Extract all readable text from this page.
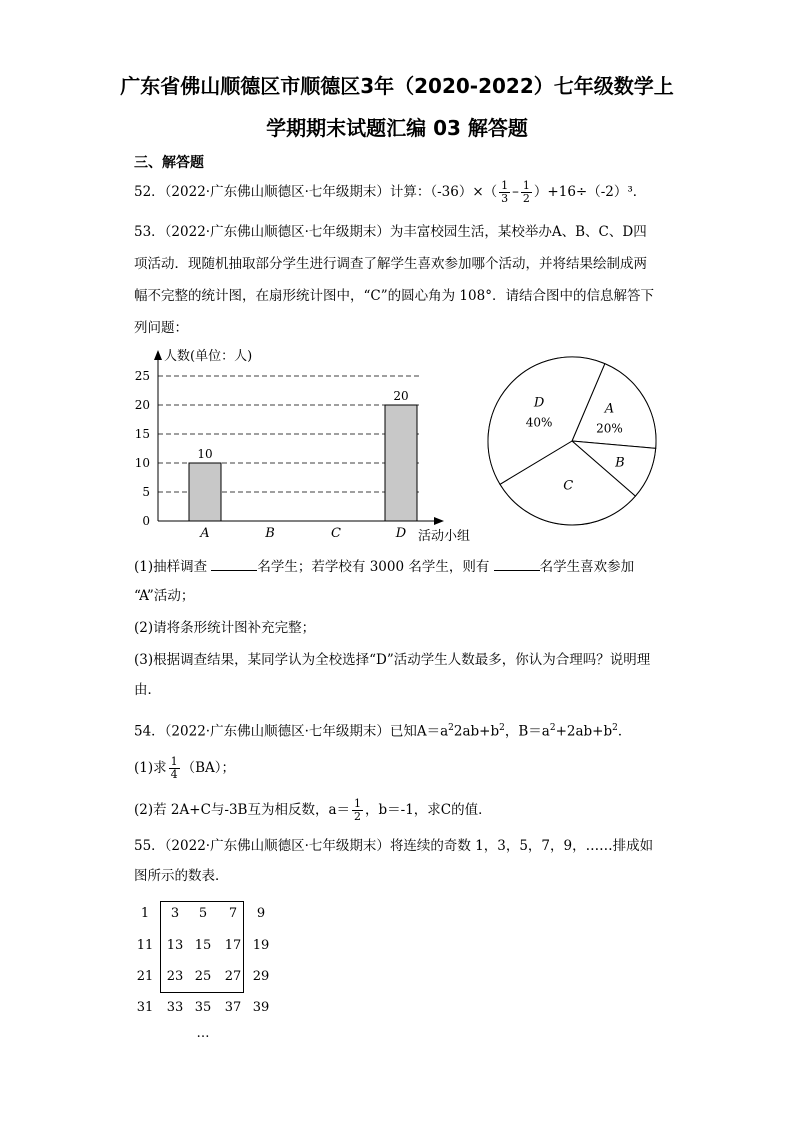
广东省佛山顺德区市顺德区3年（2020-2022）七年级数学上
学期期末试题汇编 03 解答题
三、解答题
52．（2022·广东佛山顺德区·七年级期末）计算：$(-36)\times( \frac{1}{3} - \frac{1}{2} )+16\div(-2)^3$．
53．（2022·广东佛山顺德区·七年级期末）为丰富校园生活，某校举办A、B、C、D四
项活动．现随机抽取部分学生进行调查了解学生喜欢参加哪个活动，并将结果绘制成两
幅不完整的统计图，在扇形统计图中，“C”的圆心角为 108°．请结合图中的信息解答下
列问题：
人数(单位：人)
0
5
10
15
20
25
活动小组
10
A	B	C
20
D
A
20%
B
C
D
40%
(1)抽样调查	名学生；若学校有 3000 名学生，则有	名学生喜欢参加
“A”活动；
(2)请将条形统计图补充完整；
(3)根据调查结果，某同学认为全校选择“D”活动学生人数最多，你认为合理吗？说明理
由．
54．（2022·广东佛山顺德区·七年级期末）已知$A=a^22ab+b^2$，$B=a^2+2ab+b^2$．
(1)求 $\frac{1}{4} (BA)$；
(2)若 2A+C与-3B互为相反数，$a= \frac{1}{2}$ ，b＝-1，求C的值．
55．（2022·广东佛山顺德区·七年级期末）将连续的奇数 1，3，5，7，9，……排成如
图所示的数表．
1	3	5	7	9
11	13 15	17 19
21	23 25	27 29
31	33 35	37 39
…
